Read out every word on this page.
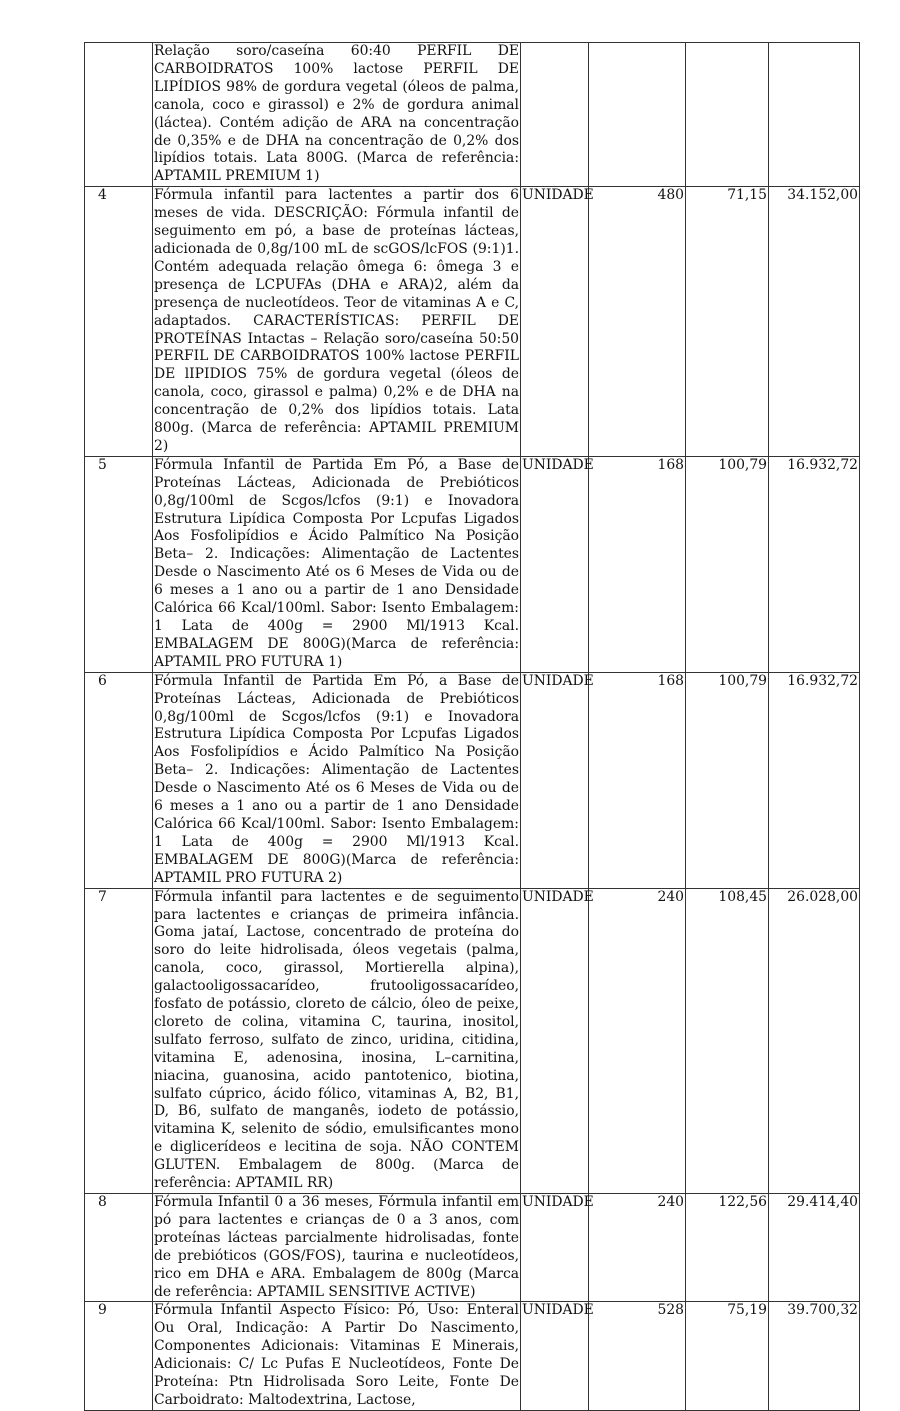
	Relação soro/caseína 60:40 PERFIL DE CARBOIDRATOS 100% lactose PERFIL DE LIPÍDIOS 98% de gordura vegetal (óleos de palma, canola, coco e girassol) e 2% de gordura animal (láctea). Contém adição de ARA na concentração de 0,35% e de DHA na concentração de 0,2% dos lipídios totais. Lata 800G. (Marca de referência: APTAMIL PREMIUM 1)				
4	Fórmula infantil para lactentes a partir dos 6 meses de vida. DESCRIÇÃO: Fórmula infantil de seguimento em pó, a base de proteínas lácteas, adicionada de 0,8g/100 mL de scGOS/lcFOS (9:1)1. Contém adequada relação ômega 6: ômega 3 e presença de LCPUFAs (DHA e ARA)2, além da presença de nucleotídeos. Teor de vitaminas A e C, adaptados. CARACTERÍSTICAS: PERFIL DE PROTEÍNAS Intactas – Relação soro/caseína 50:50 PERFIL DE CARBOIDRATOS 100% lactose PERFIL DE lIPIDIOS 75% de gordura vegetal (óleos de canola, coco, girassol e palma) 0,2% e de DHA na concentração de 0,2% dos lipídios totais. Lata 800g. (Marca de referência: APTAMIL PREMIUM 2)	UNIDADE	480	71,15	34.152,00
5	Fórmula Infantil de Partida Em Pó, a Base de Proteínas Lácteas, Adicionada de Prebióticos 0,8g/100ml de Scgos/lcfos (9:1) e Inovadora Estrutura Lipídica Composta Por Lcpufas Ligados Aos Fosfolipídios e Ácido Palmítico Na Posição Beta– 2. Indicações: Alimentação de Lactentes Desde o Nascimento Até os 6 Meses de Vida ou de 6 meses a 1 ano ou a partir de 1 ano Densidade Calórica 66 Kcal/100ml. Sabor: Isento Embalagem: 1 Lata de 400g = 2900 Ml/1913 Kcal. EMBALAGEM DE 800G)(Marca de referência: APTAMIL PRO FUTURA 1)	UNIDADE	168	100,79	16.932,72
6	Fórmula Infantil de Partida Em Pó, a Base de Proteínas Lácteas, Adicionada de Prebióticos 0,8g/100ml de Scgos/lcfos (9:1) e Inovadora Estrutura Lipídica Composta Por Lcpufas Ligados Aos Fosfolipídios e Ácido Palmítico Na Posição Beta– 2. Indicações: Alimentação de Lactentes Desde o Nascimento Até os 6 Meses de Vida ou de 6 meses a 1 ano ou a partir de 1 ano Densidade Calórica 66 Kcal/100ml. Sabor: Isento Embalagem: 1 Lata de 400g = 2900 Ml/1913 Kcal. EMBALAGEM DE 800G)(Marca de referência: APTAMIL PRO FUTURA 2)	UNIDADE	168	100,79	16.932,72
7	Fórmula infantil para lactentes e de seguimento para lactentes e crianças de primeira infância. Goma jataí, Lactose, concentrado de proteína do soro do leite hidrolisada, óleos vegetais (palma, canola, coco, girassol, Mortierella alpina), galactooligossacarídeo, frutooligossacarídeo, fosfato de potássio, cloreto de cálcio, óleo de peixe, cloreto de colina, vitamina C, taurina, inositol, sulfato ferroso, sulfato de zinco, uridina, citidina, vitamina E, adenosina, inosina, L–carnitina, niacina, guanosina, acido pantotenico, biotina, sulfato cúprico, ácido fólico, vitaminas A, B2, B1, D, B6, sulfato de manganês, iodeto de potássio, vitamina K, selenito de sódio, emulsificantes mono e diglicerídeos e lecitina de soja. NÃO CONTEM GLUTEN. Embalagem de 800g. (Marca de referência: APTAMIL RR)	UNIDADE	240	108,45	26.028,00
8	Fórmula Infantil 0 a 36 meses, Fórmula infantil em pó para lactentes e crianças de 0 a 3 anos, com proteínas lácteas parcialmente hidrolisadas, fonte de prebióticos (GOS/FOS), taurina e nucleotídeos, rico em DHA e ARA. Embalagem de 800g (Marca de referência: APTAMIL SENSITIVE ACTIVE)	UNIDADE	240	122,56	29.414,40
9	Fórmula Infantil Aspecto Físico: Pó, Uso: Enteral Ou Oral, Indicação: A Partir Do Nascimento, Componentes Adicionais: Vitaminas E Minerais, Adicionais: C/ Lc Pufas E Nucleotídeos, Fonte De Proteína: Ptn Hidrolisada Soro Leite, Fonte De Carboidrato: Maltodextrina, Lactose,	UNIDADE	528	75,19	39.700,32
